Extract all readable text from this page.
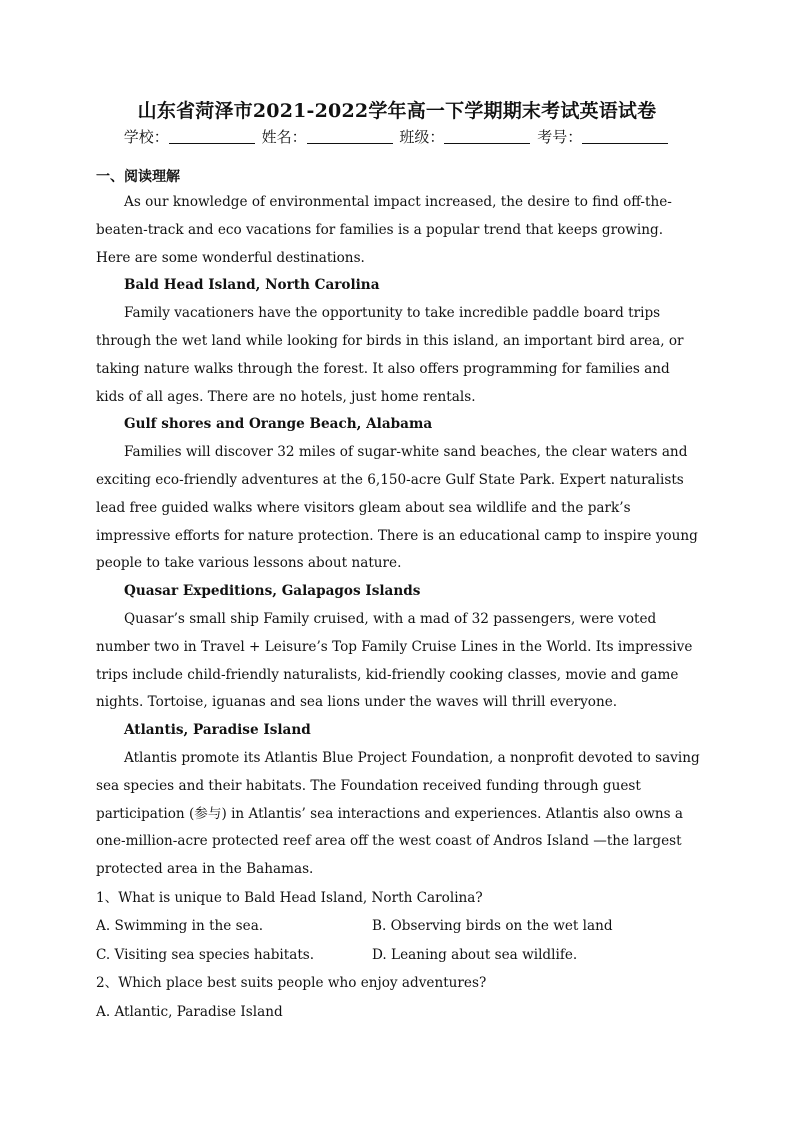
山东省菏泽市2021-2022学年高一下学期期末考试英语试卷
学校：	姓名：	班级：	考号：
一、阅读理解

As our knowledge of environmental impact increased, the desire to find off-the-beaten-track and eco vacations for families is a popular trend that keeps growing. Here are some wonderful destinations.

Bald Head Island, North Carolina

Family vacationers have the opportunity to take incredible paddle board trips through the wet land while looking for birds in this island, an important bird area, or taking nature walks through the forest. It also offers programming for families and kids of all ages. There are no hotels, just home rentals.

Gulf shores and Orange Beach, Alabama

Families will discover 32 miles of sugar-white sand beaches, the clear waters and exciting eco-friendly adventures at the 6,150-acre Gulf State Park. Expert naturalists lead free guided walks where visitors gleam about sea wildlife and the park’s impressive efforts for nature protection. There is an educational camp to inspire young people to take various lessons about nature.

Quasar Expeditions, Galapagos Islands

Quasar’s small ship Family cruised, with a mad of 32 passengers, were voted number two in Travel + Leisure’s Top Family Cruise Lines in the World. Its impressive trips include child-friendly naturalists, kid-friendly cooking classes, movie and game nights. Tortoise, iguanas and sea lions under the waves will thrill everyone.

Atlantis, Paradise Island

Atlantis promote its Atlantis Blue Project Foundation, a nonprofit devoted to saving sea species and their habitats. The Foundation received funding through guest participation (参与) in Atlantis’ sea interactions and experiences. Atlantis also owns a one-million-acre protected reef area off the west coast of Andros Island —the largest protected area in the Bahamas.

1、What is unique to Bald Head Island, North Carolina?

A. Swimming in the sea.	B. Observing birds on the wet land
C. Visiting sea species habitats.	D. Leaning about sea wildlife.

2、Which place best suits people who enjoy adventures?

A. Atlantic, Paradise Island
